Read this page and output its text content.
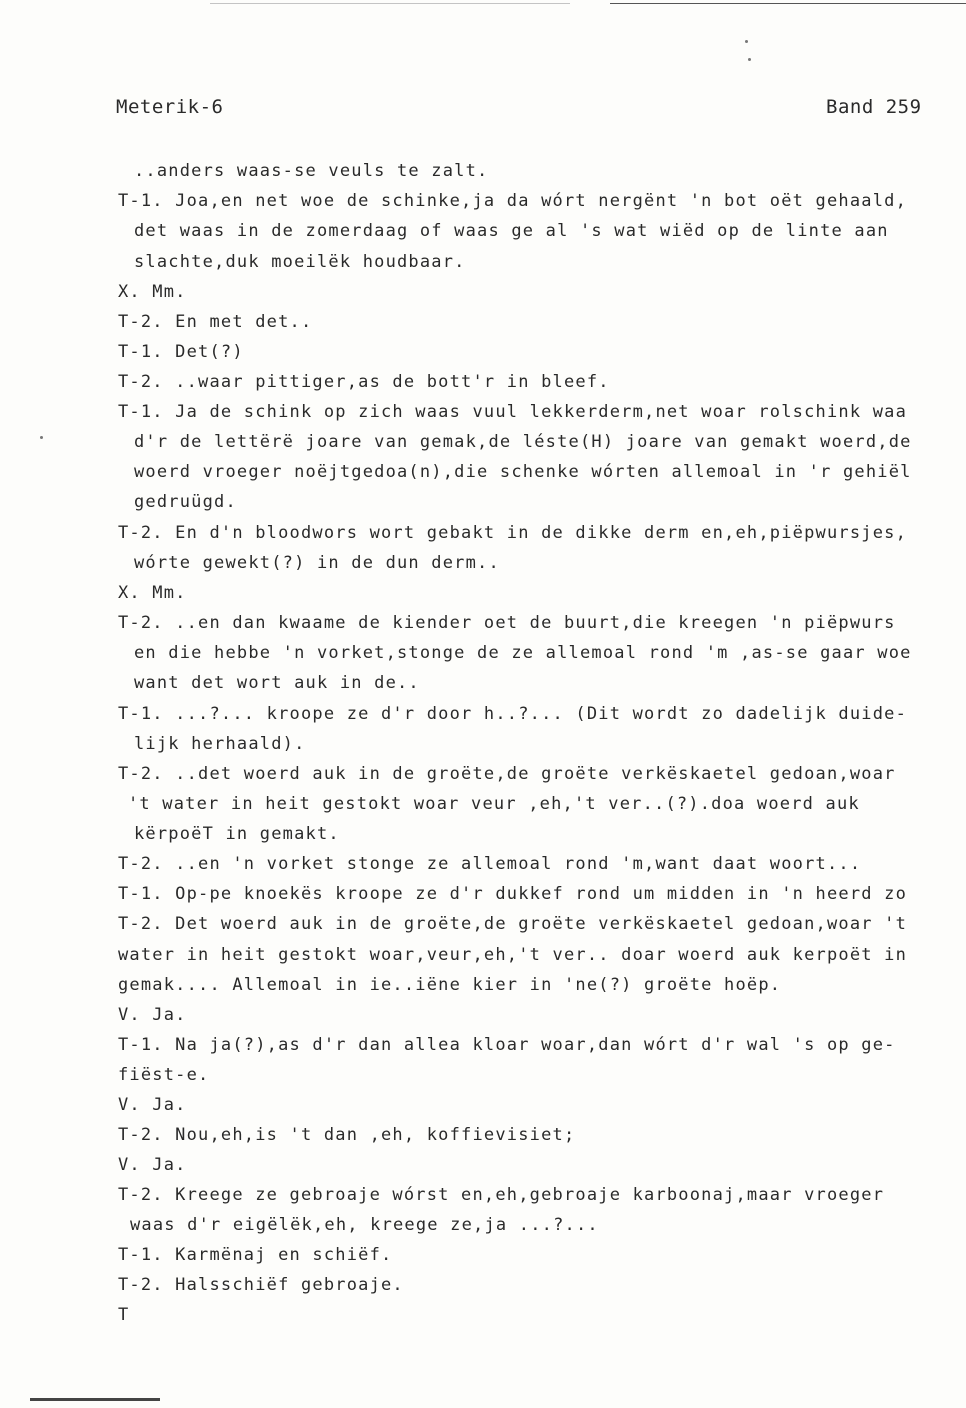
Meterik-6	Band 259
..anders waas-se veuls te zalt.
T-1. Joa,en net woe de schinke,ja da wórt nergënt 'n bot oët gehaald,
det waas in de zomerdaag of waas ge al 's wat wiëd op de linte aan
slachte,duk moeilëk houdbaar.
X. Mm.
T-2. En met det..
T-1. Det(?)
T-2. ..waar pittiger,as de bott'r in bleef.
T-1. Ja de schink op zich waas vuul lekkerderm,net woar rolschink waa
d'r de lettërë joare van gemak,de léste(H) joare van gemakt woerd,de
woerd vroeger noëjtgedoa(n),die schenke wórten allemoal in 'r gehiël
gedruügd.
T-2. En d'n bloodwors wort gebakt in de dikke derm en,eh,piëpwursjes,
wórte gewekt(?) in de dun derm..
X. Mm.
T-2. ..en dan kwaame de kiender oet de buurt,die kreegen 'n piëpwurs
en die hebbe 'n vorket,stonge de ze allemoal rond 'm ,as-se gaar woe
want det wort auk in de..
T-1. ...?... kroope ze d'r door h..?... (Dit wordt zo dadelijk duide-
lijk herhaald).
T-2. ..det woerd auk in de groëte,de groëte verkëskaetel gedoan,woar
't water in heit gestokt woar veur ,eh,'t ver..(?).doa woerd auk
kërpoëT in gemakt.
T-2. ..en 'n vorket stonge ze allemoal rond 'm,want daat woort...
T-1. Op-pe knoekës kroope ze d'r dukkef rond um midden in 'n heerd zo
T-2. Det woerd auk in de groëte,de groëte verkëskaetel gedoan,woar 't
water in heit gestokt woar,veur,eh,'t ver.. doar woerd auk kerpoët in
gemak.... Allemoal in ie..iëne kier in 'ne(?) groëte hoëp.
V. Ja.
T-1. Na ja(?),as d'r dan allea kloar woar,dan wórt d'r wal 's op ge-
fiëst-e.
V. Ja.
T-2. Nou,eh,is 't dan ,eh, koffievisiet;
V. Ja.
T-2. Kreege ze gebroaje wórst en,eh,gebroaje karboonaj,maar vroeger
waas d'r eigëlëk,eh, kreege ze,ja ...?...
T-1. Karmënaj en schiëf.
T-2. Halsschiëf gebroaje.
T
